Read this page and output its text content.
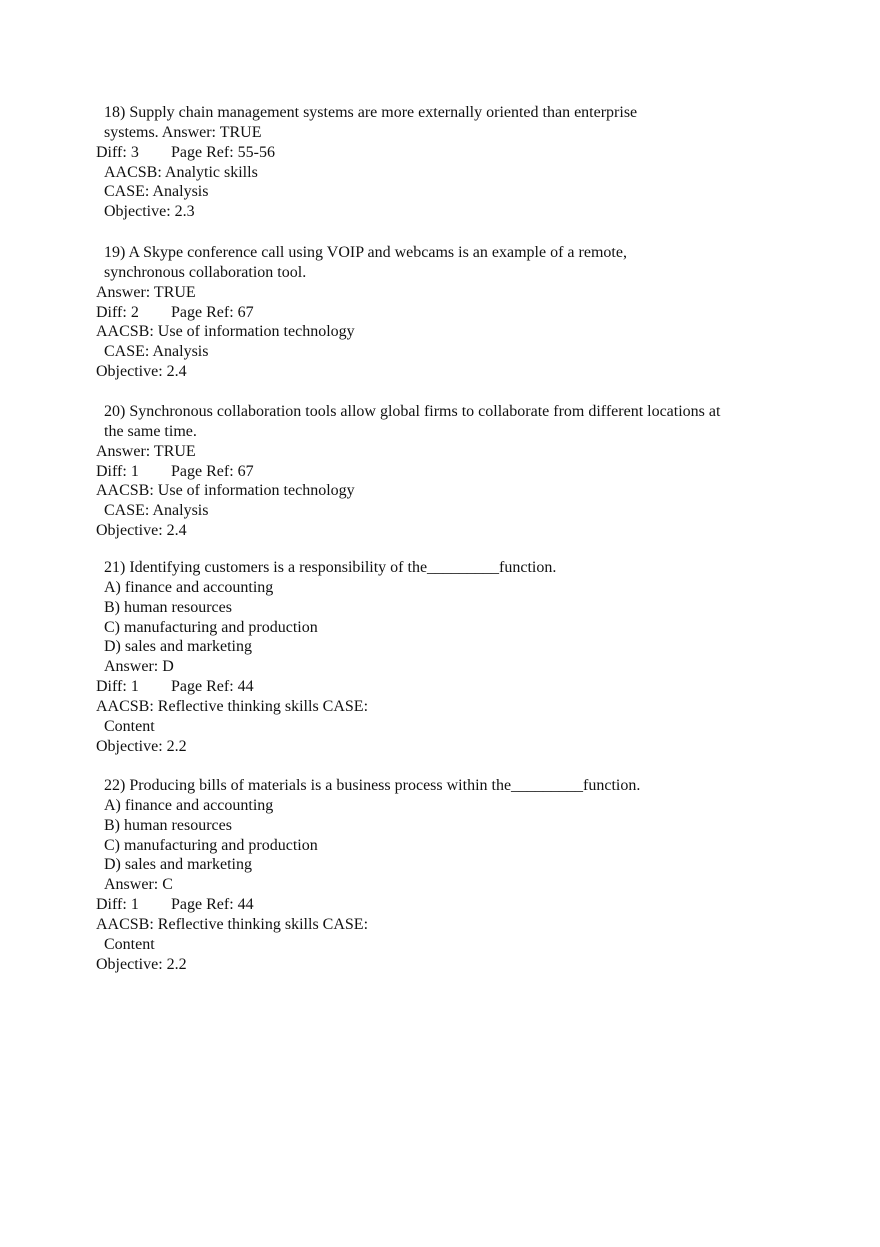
18) Supply chain management systems are more externally oriented than enterprise
systems. Answer: TRUE
Diff: 3 Page Ref: 55-56
AACSB: Analytic skills
CASE: Analysis
Objective: 2.3
19) A Skype conference call using VOIP and webcams is an example of a remote,
synchronous collaboration tool.
Answer: TRUE
Diff: 2 Page Ref: 67
AACSB: Use of information technology
CASE: Analysis
Objective: 2.4
20) Synchronous collaboration tools allow global firms to collaborate from different locations at
the same time.
Answer: TRUE
Diff: 1 Page Ref: 67
AACSB: Use of information technology
CASE: Analysis
Objective: 2.4
21) Identifying customers is a responsibility of the_________function.
A) finance and accounting
B) human resources
C) manufacturing and production
D) sales and marketing
Answer: D
Diff: 1 Page Ref: 44
AACSB: Reflective thinking skills CASE:
Content
Objective: 2.2
22) Producing bills of materials is a business process within the_________function.
A) finance and accounting
B) human resources
C) manufacturing and production
D) sales and marketing
Answer: C
Diff: 1 Page Ref: 44
AACSB: Reflective thinking skills CASE:
Content
Objective: 2.2
